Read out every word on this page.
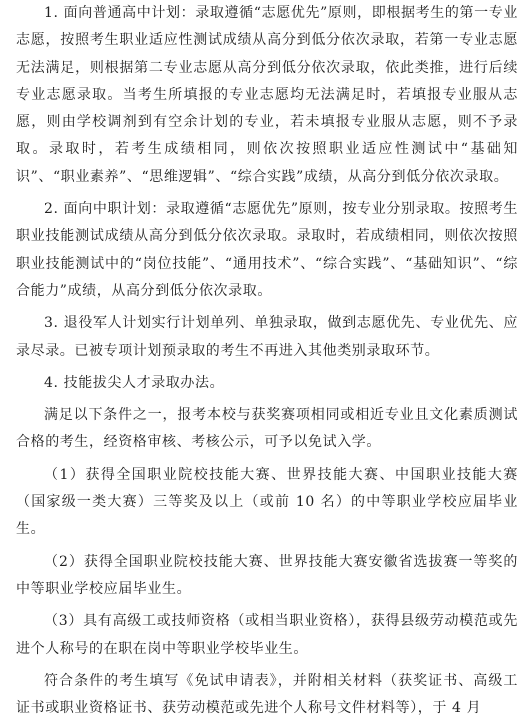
1. 面向普通高中计划：录取遵循“志愿优先”原则，即根据考生的第一专业志愿，按照考生职业适应性测试成绩从高分到低分依次录取，若第一专业志愿无法满足，则根据第二专业志愿从高分到低分依次录取，依此类推，进行后续专业志愿录取。当考生所填报的专业志愿均无法满足时，若填报专业服从志愿，则由学校调剂到有空余计划的专业，若未填报专业服从志愿，则不予录取。录取时，若考生成绩相同，则依次按照职业适应性测试中“基础知识”、“职业素养”、“思维逻辑”、“综合实践”成绩，从高分到低分依次录取。

2. 面向中职计划：录取遵循“志愿优先”原则，按专业分别录取。按照考生职业技能测试成绩从高分到低分依次录取。录取时，若成绩相同，则依次按照职业技能测试中的“岗位技能”、“通用技术”、“综合实践”、“基础知识”、“综合能力”成绩，从高分到低分依次录取。

3. 退役军人计划实行计划单列、单独录取，做到志愿优先、专业优先、应录尽录。已被专项计划预录取的考生不再进入其他类别录取环节。

4. 技能拔尖人才录取办法。

满足以下条件之一，报考本校与获奖赛项相同或相近专业且文化素质测试合格的考生，经资格审核、考核公示，可予以免试入学。

（1）获得全国职业院校技能大赛、世界技能大赛、中国职业技能大赛（国家级一类大赛）三等奖及以上（或前 10 名）的中等职业学校应届毕业生。

（2）获得全国职业院校技能大赛、世界技能大赛安徽省选拔赛一等奖的中等职业学校应届毕业生。

（3）具有高级工或技师资格（或相当职业资格），获得县级劳动模范或先进个人称号的在职在岗中等职业学校毕业生。

符合条件的考生填写《免试申请表》，并附相关材料（获奖证书、高级工证书或职业资格证书、获劳动模范或先进个人称号文件材料等），于 4 月
